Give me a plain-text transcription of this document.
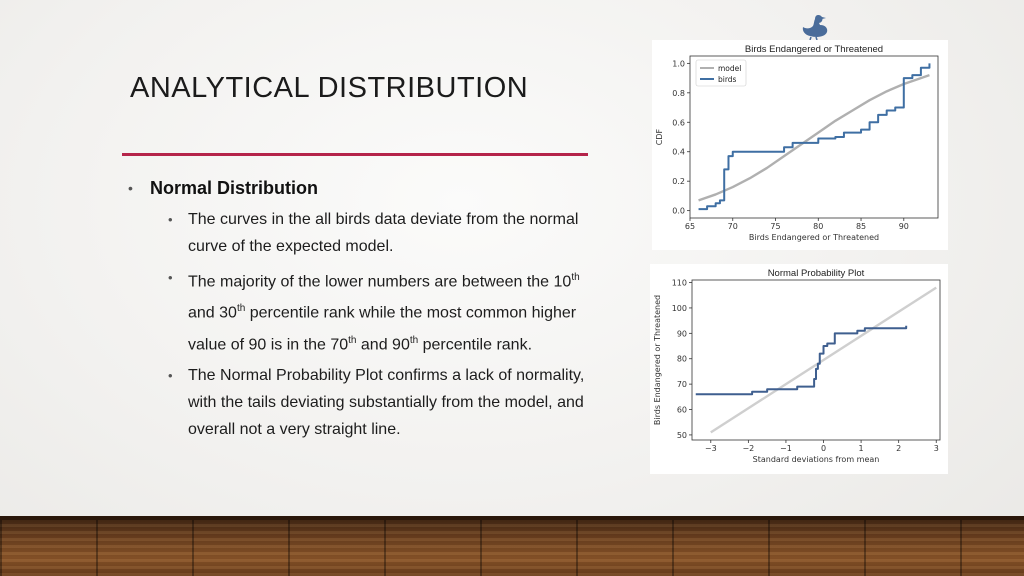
ANALYTICAL DISTRIBUTION
• Normal Distribution
• The curves in the all birds data deviate from the normal curve of the expected model.
• The majority of the lower numbers are between the 10th and 30th percentile rank while the most common higher value of 90 is in the 70th and 90th percentile rank.
• The Normal Probability Plot confirms a lack of normality, with the tails deviating substantially from the model, and overall not a very straight line.
Birds Endangered or Threatened
65	70	75	80	85	90
0.0
0.2
0.4
0.6
0.8
1.0
Birds Endangered or Threatened
CDF
model
birds
Normal Probability Plot
−3	−2	−1	0	1	2	3
50
60
70
80
90
100
110
Standard deviations from mean
Birds Endangered or Threatened
